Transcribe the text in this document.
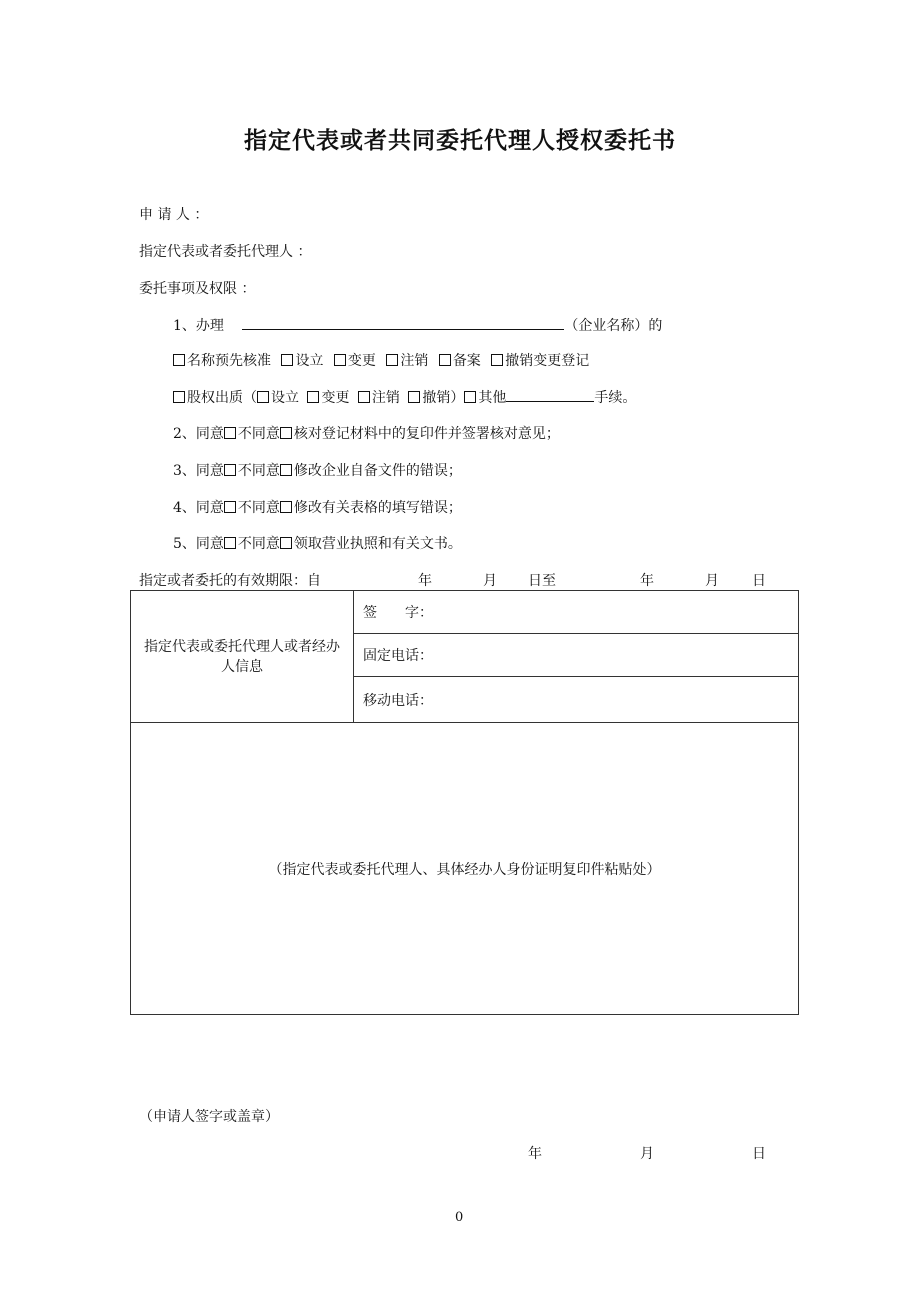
指定代表或者共同委托代理人授权委托书
申 请 人 ：
指定代表或者委托代理人 ：
委托事项及权限 ：
1、办理	（企业名称）的
名称预先核准 设立 变更 注销 备案 撤销变更登记
股权出质（ 设立 变更 注销 撤销） 其他	手续。
2、同意 不同意 核对登记材料中的复印件并签署核对意见；
3、同意 不同意 修改企业自备文件的错误；
4、同意 不同意 修改有关表格的填写错误；
5、同意 不同意 领取营业执照和有关文书。
指定或者委托的有效期限：自	年	月 日至	年	月 日
指定代表或委托代理人或者经办人信息
	签　　字：
固定电话：
移动电话：
（指定代表或委托代理人、具体经办人身份证明复印件粘贴处）
（申请人签字或盖章）
年	月	日
0
